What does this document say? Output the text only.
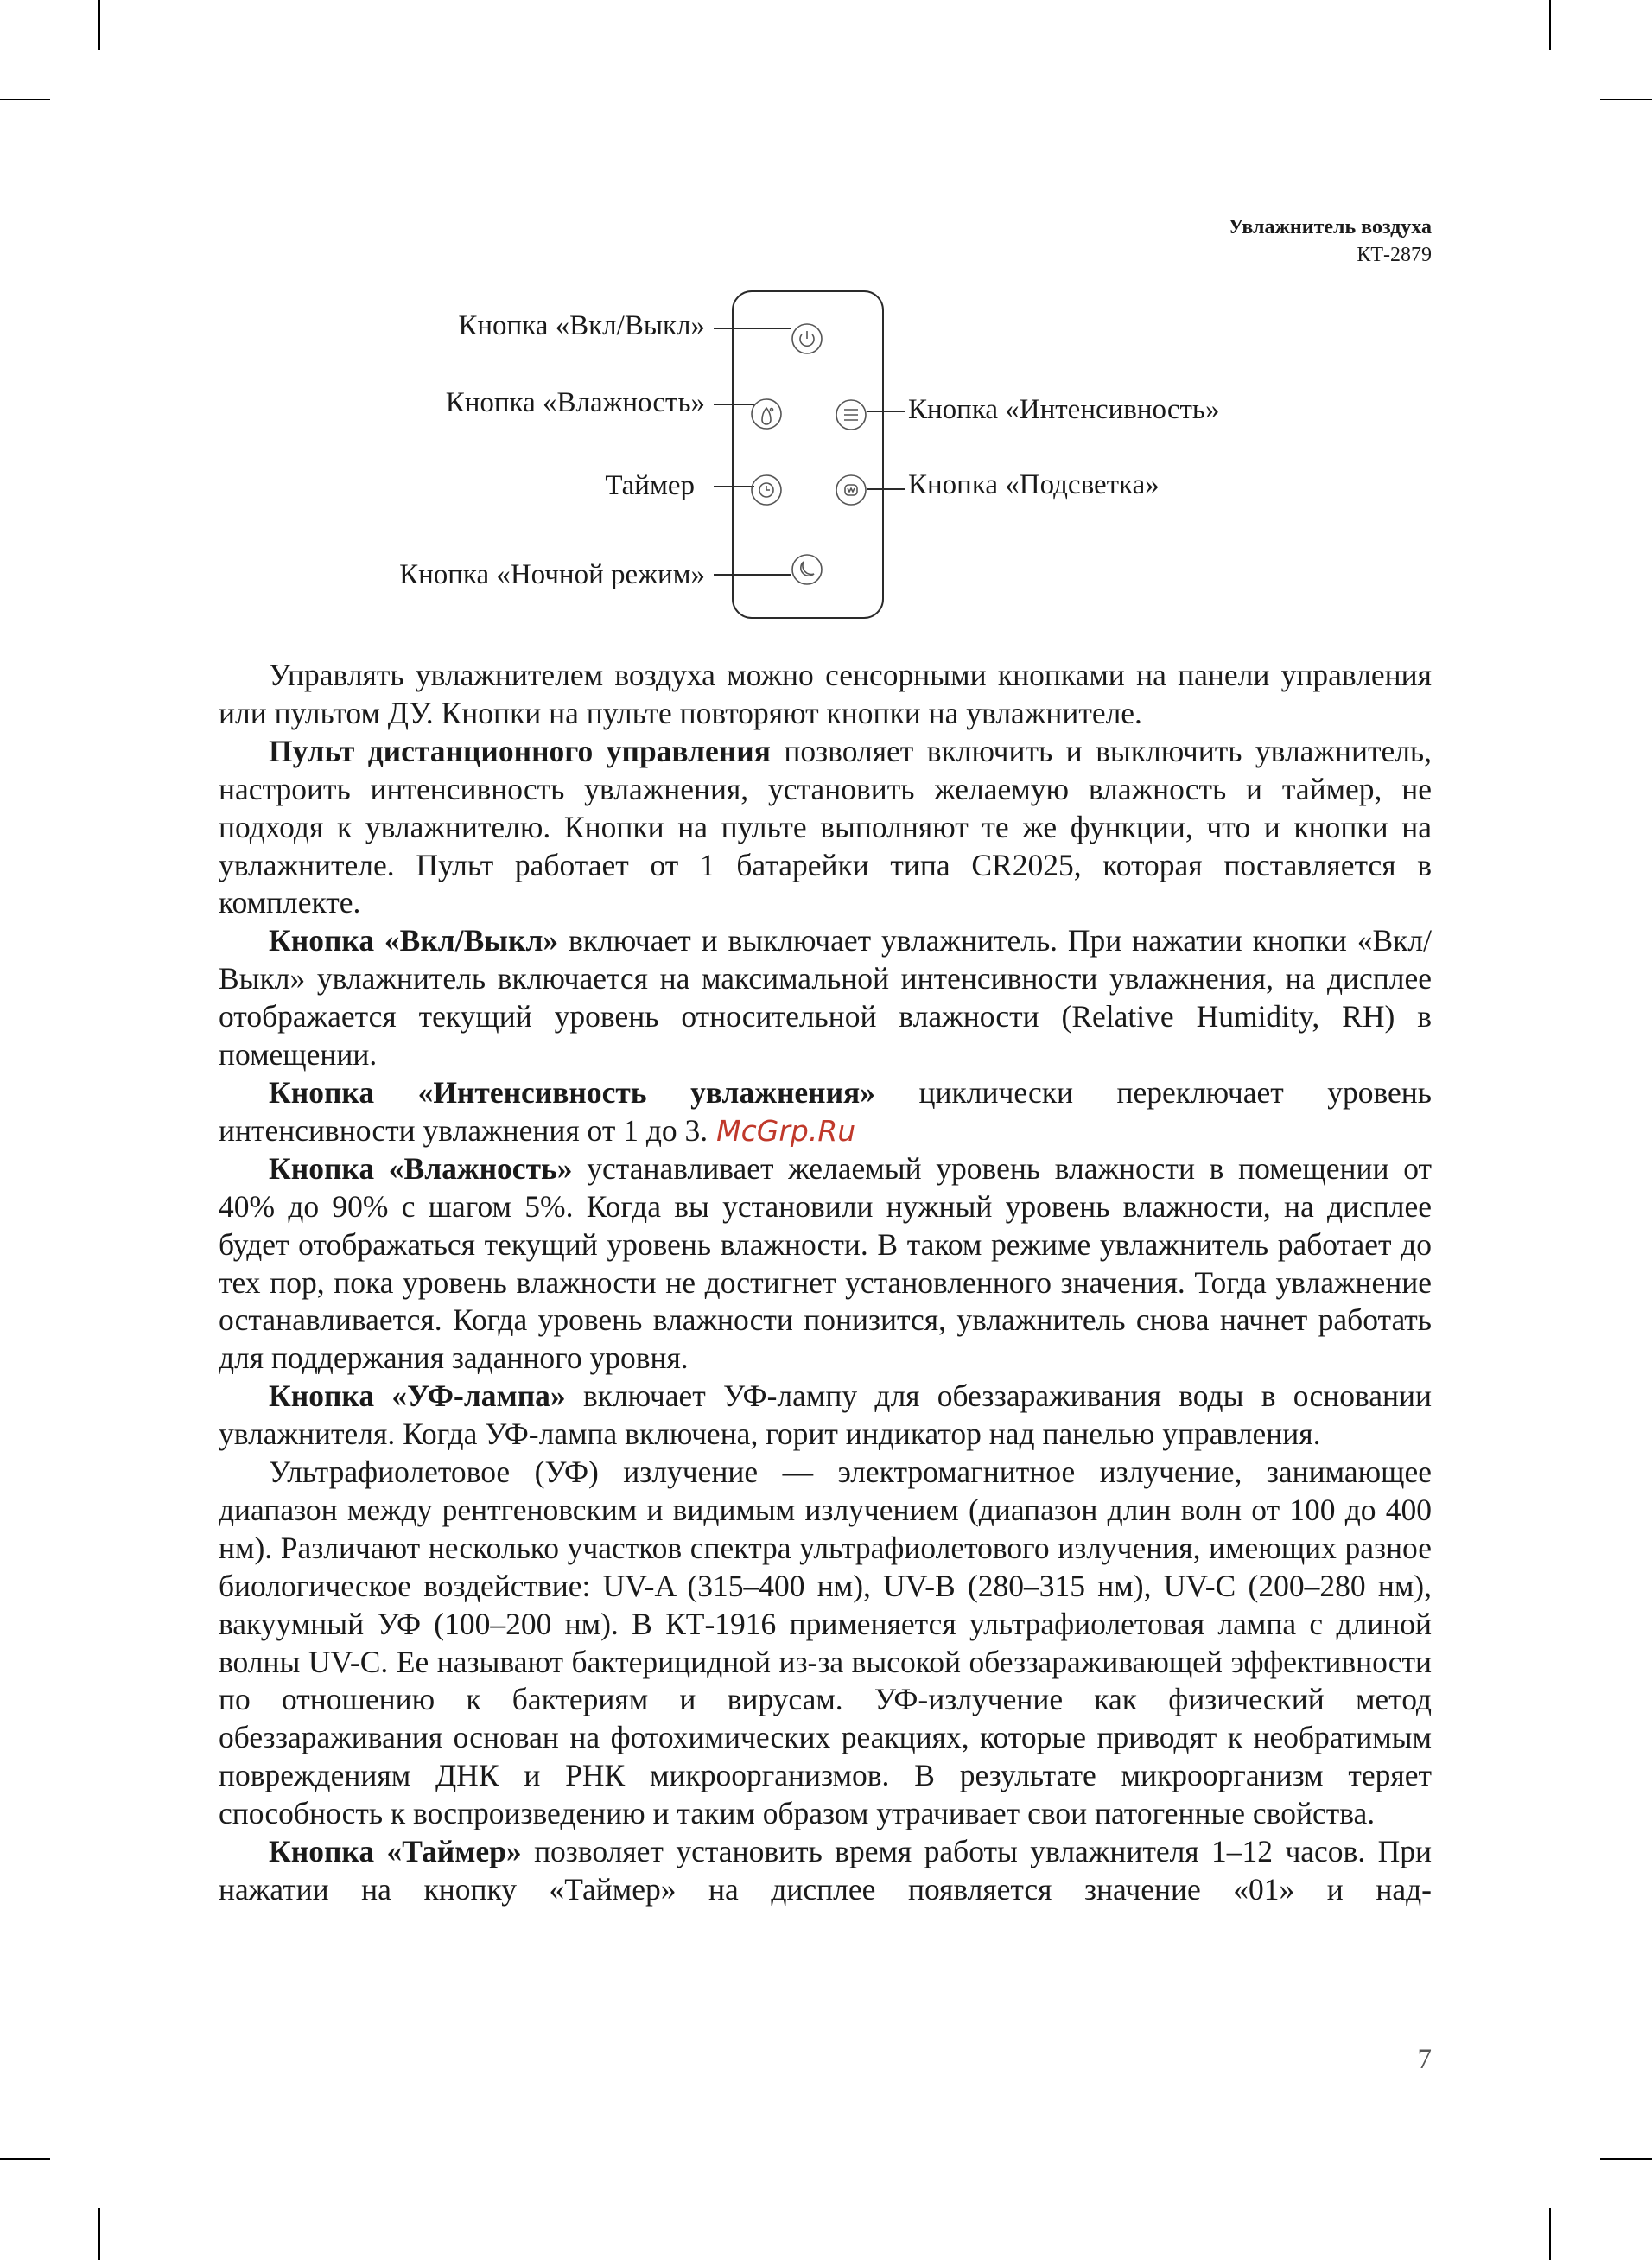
Увлажнитель воздуха
КТ-2879
Кнопка «Вкл/Выкл»
Кнопка «Влажность»
Таймер
Кнопка «Ночной режим»
Кнопка «Интенсивность»
Кнопка «Подсветка»

Управлять увлажнителем воздуха можно сенсорными кнопками на панели управления или пультом ДУ. Кнопки на пульте повторяют кнопки на увлажнителе.

Пульт дистанционного управления позволяет включить и выключить увлажнитель, настроить интенсивность увлажнения, установить желаемую влажность и таймер, не подходя к увлажнителю. Кнопки на пульте выполняют те же функции, что и кнопки на увлажнителе. Пульт работает от 1 батарейки типа CR2025, которая поставляется в комплекте.

Кнопка «Вкл/Выкл» включает и выключает увлажнитель. При нажатии кнопки «Вкл/Выкл» увлажнитель включается на максимальной интенсивности увлажнения, на дисплее отображается текущий уровень относительной влажности (Relative Humidity, RH) в помещении.

Кнопка «Интенсивность увлажнения» циклически переключает уровень интенсивности увлажнения от 1 до 3. McGrp.Ru

Кнопка «Влажность» устанавливает желаемый уровень влажности в помещении от 40% до 90% с шагом 5%. Когда вы установили нужный уровень влажности, на дисплее будет отображаться текущий уровень влажности. В таком режиме увлажнитель работает до тех пор, пока уровень влажности не достигнет установленного значения. Тогда увлажнение останавливается. Когда уровень влажности понизится, увлажнитель снова начнет работать для поддержания заданного уровня.

Кнопка «УФ-лампа» включает УФ-лампу для обеззараживания воды в основании увлажнителя. Когда УФ-лампа включена, горит индикатор над панелью управления.

Ультрафиолетовое (УФ) излучение — электромагнитное излучение, занимающее диапазон между рентгеновским и видимым излучением (диапазон длин волн от 100 до 400 нм). Различают несколько участков спектра ультрафиолетового излучения, имеющих разное биологическое воздействие: UV-A (315–400 нм), UV-B (280–315 нм), UV-C (200–280 нм), вакуумный УФ (100–200 нм). В КТ-1916 применяется ультрафиолетовая лампа с длиной волны UV-C. Ее называют бактерицидной из-за высокой обеззараживающей эффективности по отношению к бактериям и вирусам. УФ-излучение как физический метод обеззараживания основан на фотохимических реакциях, которые приводят к необратимым повреждениям ДНК и РНК микроорганизмов. В результате микроорганизм теряет способность к воспроизведению и таким образом утрачивает свои патогенные свойства.

Кнопка «Таймер» позволяет установить время работы увлажнителя 1–12 часов. При нажатии на кнопку «Таймер» на дисплее появляется значение «01» и над-

7
